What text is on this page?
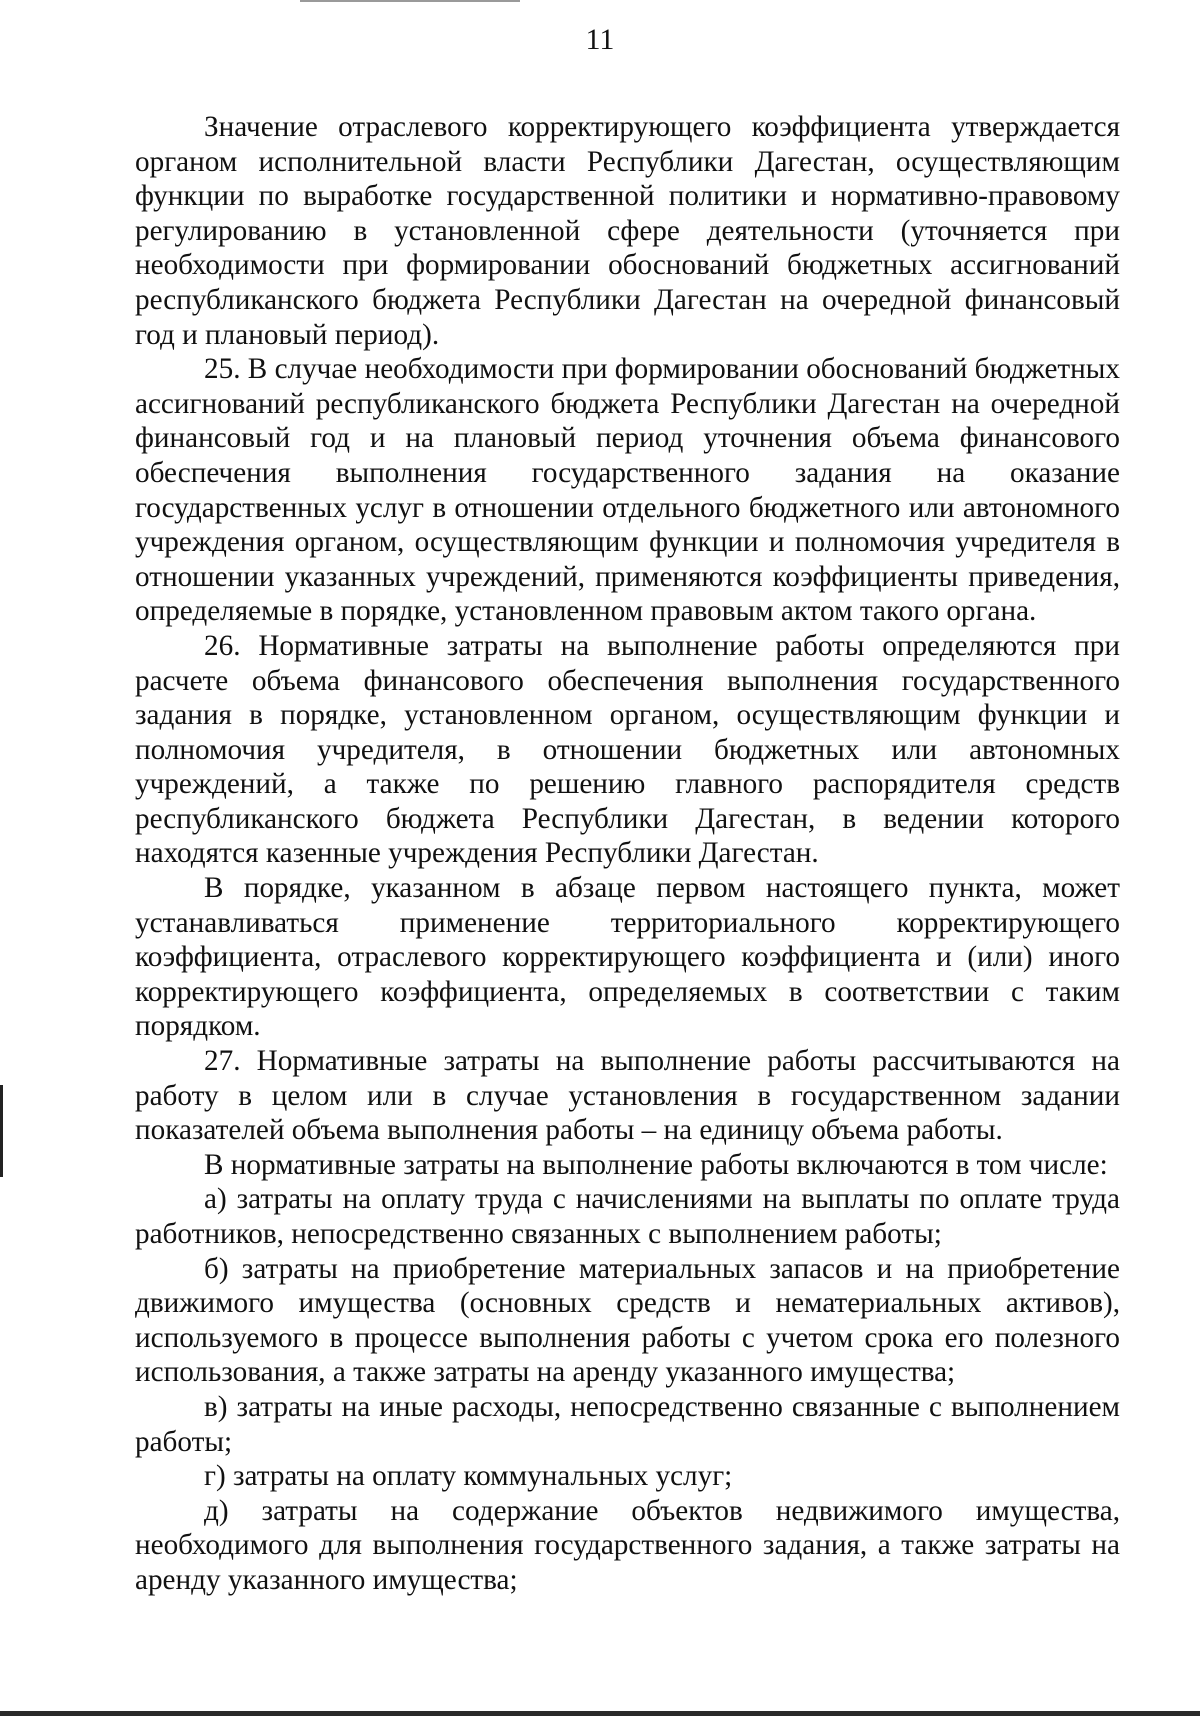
11

Значение отраслевого корректирующего коэффициента утверждается органом исполнительной власти Республики Дагестан, осуществляющим функции по выработке государственной политики и нормативно-правовому регулированию в установленной сфере деятельности (уточняется при необходимости при формировании обоснований бюджетных ассигнований республиканского бюджета Республики Дагестан на очередной финансовый год и плановый период).

25. В случае необходимости при формировании обоснований бюджетных ассигнований республиканского бюджета Республики Дагестан на очередной финансовый год и на плановый период уточнения объема финансового обеспечения выполнения государственного задания на оказание государственных услуг в отношении отдельного бюджетного или автономного учреждения органом, осуществляющим функции и полномочия учредителя в отношении указанных учреждений, применяются коэффициенты приведения, определяемые в порядке, установленном правовым актом такого органа.

26. Нормативные затраты на выполнение работы определяются при расчете объема финансового обеспечения выполнения государственного задания в порядке, установленном органом, осуществляющим функции и полномочия учредителя, в отношении бюджетных или автономных учреждений, а также по решению главного распорядителя средств республиканского бюджета Республики Дагестан, в ведении которого находятся казенные учреждения Республики Дагестан.

В порядке, указанном в абзаце первом настоящего пункта, может устанавливаться применение территориального корректирующего коэффициента, отраслевого корректирующего коэффициента и (или) иного корректирующего коэффициента, определяемых в соответствии с таким порядком.

27. Нормативные затраты на выполнение работы рассчитываются на работу в целом или в случае установления в государственном задании показателей объема выполнения работы – на единицу объема работы.

В нормативные затраты на выполнение работы включаются в том числе:

а) затраты на оплату труда с начислениями на выплаты по оплате труда работников, непосредственно связанных с выполнением работы;

б) затраты на приобретение материальных запасов и на приобретение движимого имущества (основных средств и нематериальных активов), используемого в процессе выполнения работы с учетом срока его полезного использования, а также затраты на аренду указанного имущества;

в) затраты на иные расходы, непосредственно связанные с выполнением работы;

г) затраты на оплату коммунальных услуг;

д) затраты на содержание объектов недвижимого имущества, необходимого для выполнения государственного задания, а также затраты на аренду указанного имущества;
